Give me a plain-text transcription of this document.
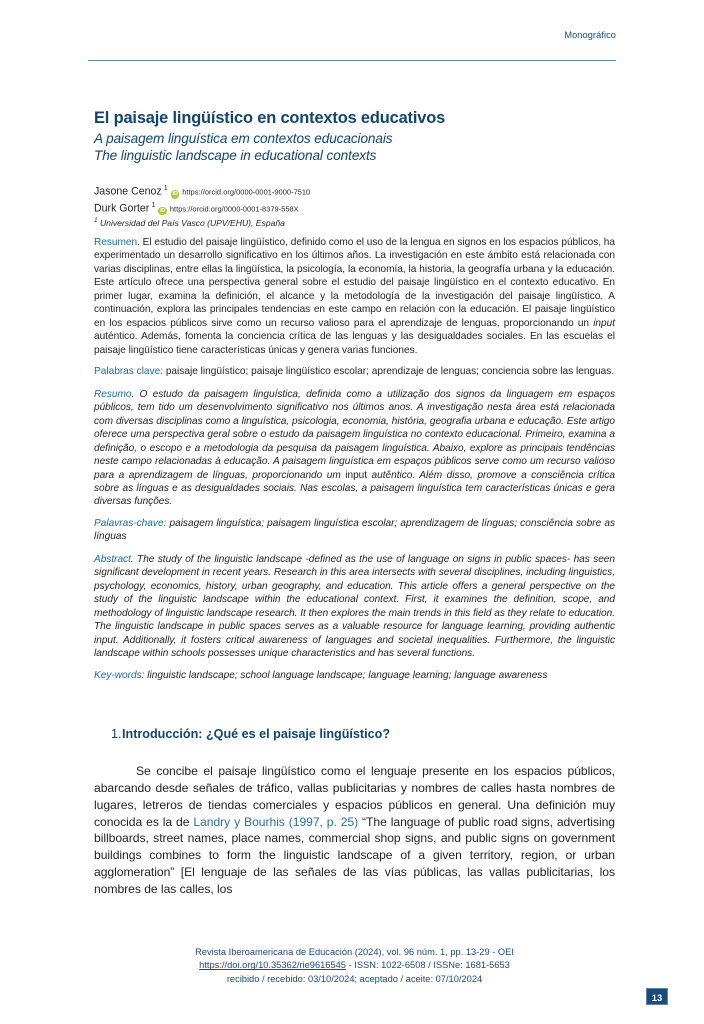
Monográfico
El paisaje lingüístico en contextos educativos
A paisagem linguística em contextos educacionais
The linguistic landscape in educational contexts
Jasone Cenoz $^1$iD https://orcid.org/0000-0001-9000-7510
Durk Gorter $^1$iD https://orcid.org/0000-0001-8379-558X
$^1$ Universidad del País Vasco (UPV/EHU), España

Resumen. El estudio del paisaje lingüístico, definido como el uso de la lengua en signos en los espacios públicos, ha experimentado un desarrollo significativo en los últimos años. La investigación en este ámbito está relacionada con varias disciplinas, entre ellas la lingüística, la psicología, la economía, la historia, la geografía urbana y la educación. Este artículo ofrece una perspectiva general sobre el estudio del paisaje lingüístico en el contexto educativo. En primer lugar, examina la definición, el alcance y la metodología de la investigación del paisaje lingüístico. A continuación, explora las principales tendencias en este campo en relación con la educación. El paisaje lingüístico en los espacios públicos sirve como un recurso valioso para el aprendizaje de lenguas, proporcionando un input auténtico. Además, fomenta la conciencia crítica de las lenguas y las desigualdades sociales. En las escuelas el paisaje lingüístico tiene características únicas y genera varias funciones.

Palabras clave: paisaje lingüístico; paisaje lingüístico escolar; aprendizaje de lenguas; conciencia sobre las lenguas.

Resumo. O estudo da paisagem linguística, definida como a utilização dos signos da linguagem em espaços públicos, tem tido um desenvolvimento significativo nos últimos anos. A investigação nesta área está relacionada com diversas disciplinas como a linguística, psicologia, economia, história, geografia urbana e educação. Este artigo oferece uma perspectiva geral sobre o estudo da paisagem linguística no contexto educacional. Primeiro, examina a definição, o escopo e a metodologia da pesquisa da paisagem linguística. Abaixo, explore as principais tendências neste campo relacionadas à educação. A paisagem linguística em espaços públicos serve como um recurso valioso para a aprendizagem de línguas, proporcionando um input autêntico. Além disso, promove a consciência crítica sobre as línguas e as desigualdades sociais. Nas escolas, a paisagem linguística tem características únicas e gera diversas funções.

Palavras-chave: paisagem linguística; paisagem linguística escolar; aprendizagem de línguas; consciência sobre as línguas

Abstract. The study of the linguistic landscape -defined as the use of language on signs in public spaces- has seen significant development in recent years. Research in this area intersects with several disciplines, including linguistics, psychology, economics, history, urban geography, and education. This article offers a general perspective on the study of the linguistic landscape within the educational context. First, it examines the definition, scope, and methodology of linguistic landscape research. It then explores the main trends in this field as they relate to education. The linguistic landscape in public spaces serves as a valuable resource for language learning, providing authentic input. Additionally, it fosters critical awareness of languages and societal inequalities. Furthermore, the linguistic landscape within schools possesses unique characteristics and has several functions.

Key-words: linguistic landscape; school language landscape; language learning; language awareness

1.Introducción: ¿Qué es el paisaje lingüístico?

Se concibe el paisaje lingüístico como el lenguaje presente en los espacios públicos, abarcando desde señales de tráfico, vallas publicitarias y nombres de calles hasta nombres de lugares, letreros de tiendas comerciales y espacios públicos en general. Una definición muy conocida es la de Landry y Bourhis (1997, p. 25) “The language of public road signs, advertising billboards, street names, place names, commercial shop signs, and public signs on government buildings combines to form the linguistic landscape of a given territory, region, or urban agglomeration” [El lenguaje de las señales de las vías públicas, las vallas publicitarias, los nombres de las calles, los

Revista Iberoamericana de Educación (2024), vol. 96 núm. 1, pp. 13-29 - OEI
https://doi.org/10.35362/rie9616545 - ISSN: 1022-6508 / ISSNe: 1681-5653
recibido / recebido: 03/10/2024; aceptado / aceite: 07/10/2024
13
